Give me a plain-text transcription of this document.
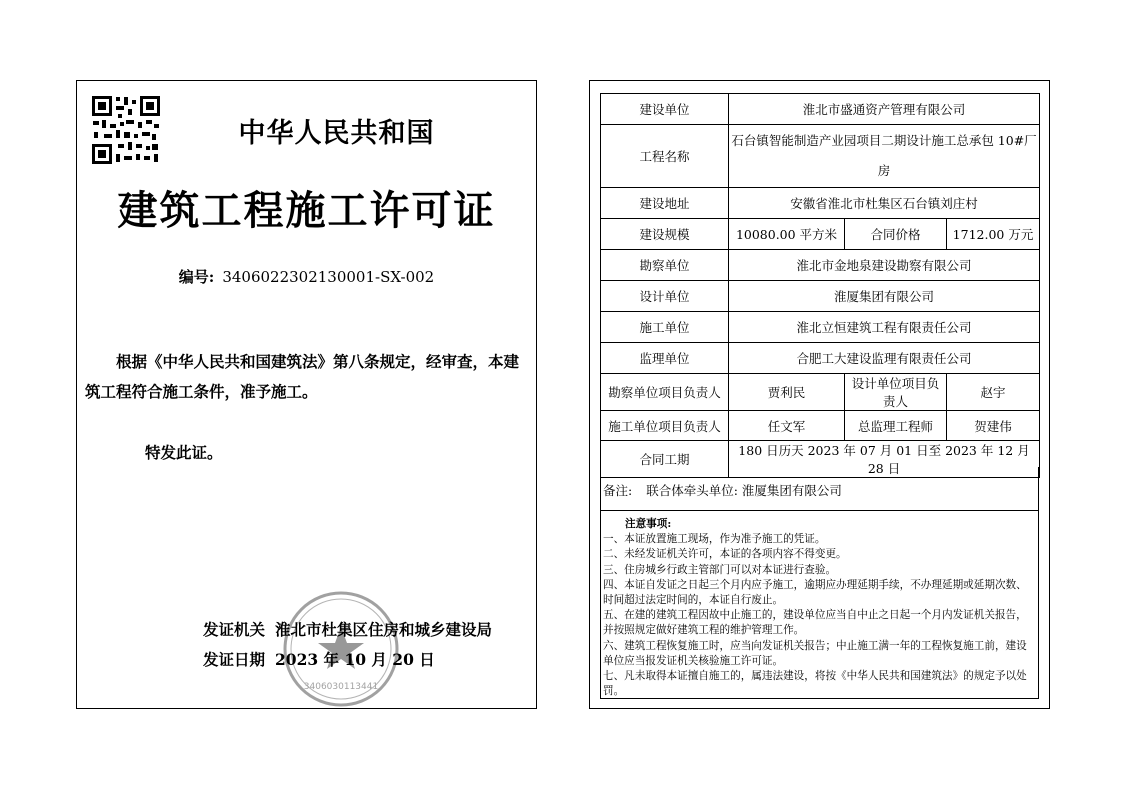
中华人民共和国
建筑工程施工许可证
编号: 3406022302130001-SX-002
根据《中华人民共和国建筑法》第八条规定，经审查，本建筑工程符合施工条件，准予施工。
特发此证。
3406030113441
发证机关 淮北市杜集区住房和城乡建设局
发证日期 2023 年 10 月 20 日
建设单位	淮北市盛通资产管理有限公司		
工程名称	石台镇智能制造产业园项目二期设计施工总承包 10#厂房		
建设地址	安徽省淮北市杜集区石台镇刘庄村		
建设规模	10080.00 平方米	合同价格	1712.00 万元
勘察单位	淮北市金地泉建设勘察有限公司		
设计单位	淮厦集团有限公司		
施工单位	淮北立恒建筑工程有限责任公司		
监理单位	合肥工大建设监理有限责任公司		
勘察单位项目负责人	贾利民	设计单位项目负责人	赵宇
施工单位项目负责人	任文军	总监理工程师	贺建伟
合同工期	180 日历天 2023 年 07 月 01 日至 2023 年 12 月 28 日		
备注: 联合体牵头单位: 淮厦集团有限公司
注意事项:
一、本证放置施工现场，作为准予施工的凭证。
二、未经发证机关许可，本证的各项内容不得变更。
三、住房城乡行政主管部门可以对本证进行查验。
四、本证自发证之日起三个月内应予施工，逾期应办理延期手续，不办理延期或延期次数、时间超过法定时间的，本证自行废止。
五、在建的建筑工程因故中止施工的，建设单位应当自中止之日起一个月内发证机关报告，并按照规定做好建筑工程的维护管理工作。
六、建筑工程恢复施工时，应当向发证机关报告；中止施工满一年的工程恢复施工前，建设单位应当报发证机关核验施工许可证。
七、凡未取得本证擅自施工的，属违法建设，将按《中华人民共和国建筑法》的规定予以处罚。
